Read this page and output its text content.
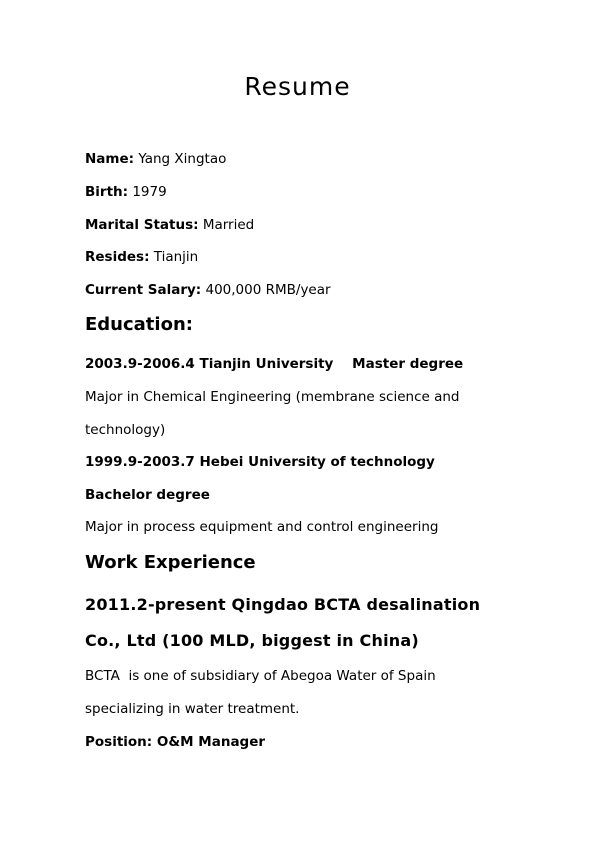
Resume
Name: Yang Xingtao
Birth: 1979
Marital Status: Married
Resides: Tianjin
Current Salary: 400,000 RMB/year
Education:
2003.9-2006.4 Tianjin University Master degree
Major in Chemical Engineering (membrane science and
technology)
1999.9-2003.7 Hebei University of technology
Bachelor degree
Major in process equipment and control engineering
Work Experience
2011.2-present Qingdao BCTA desalination
Co., Ltd (100 MLD, biggest in China)
BCTA  is one of subsidiary of Abegoa Water of Spain
specializing in water treatment.
Position: O&M Manager
